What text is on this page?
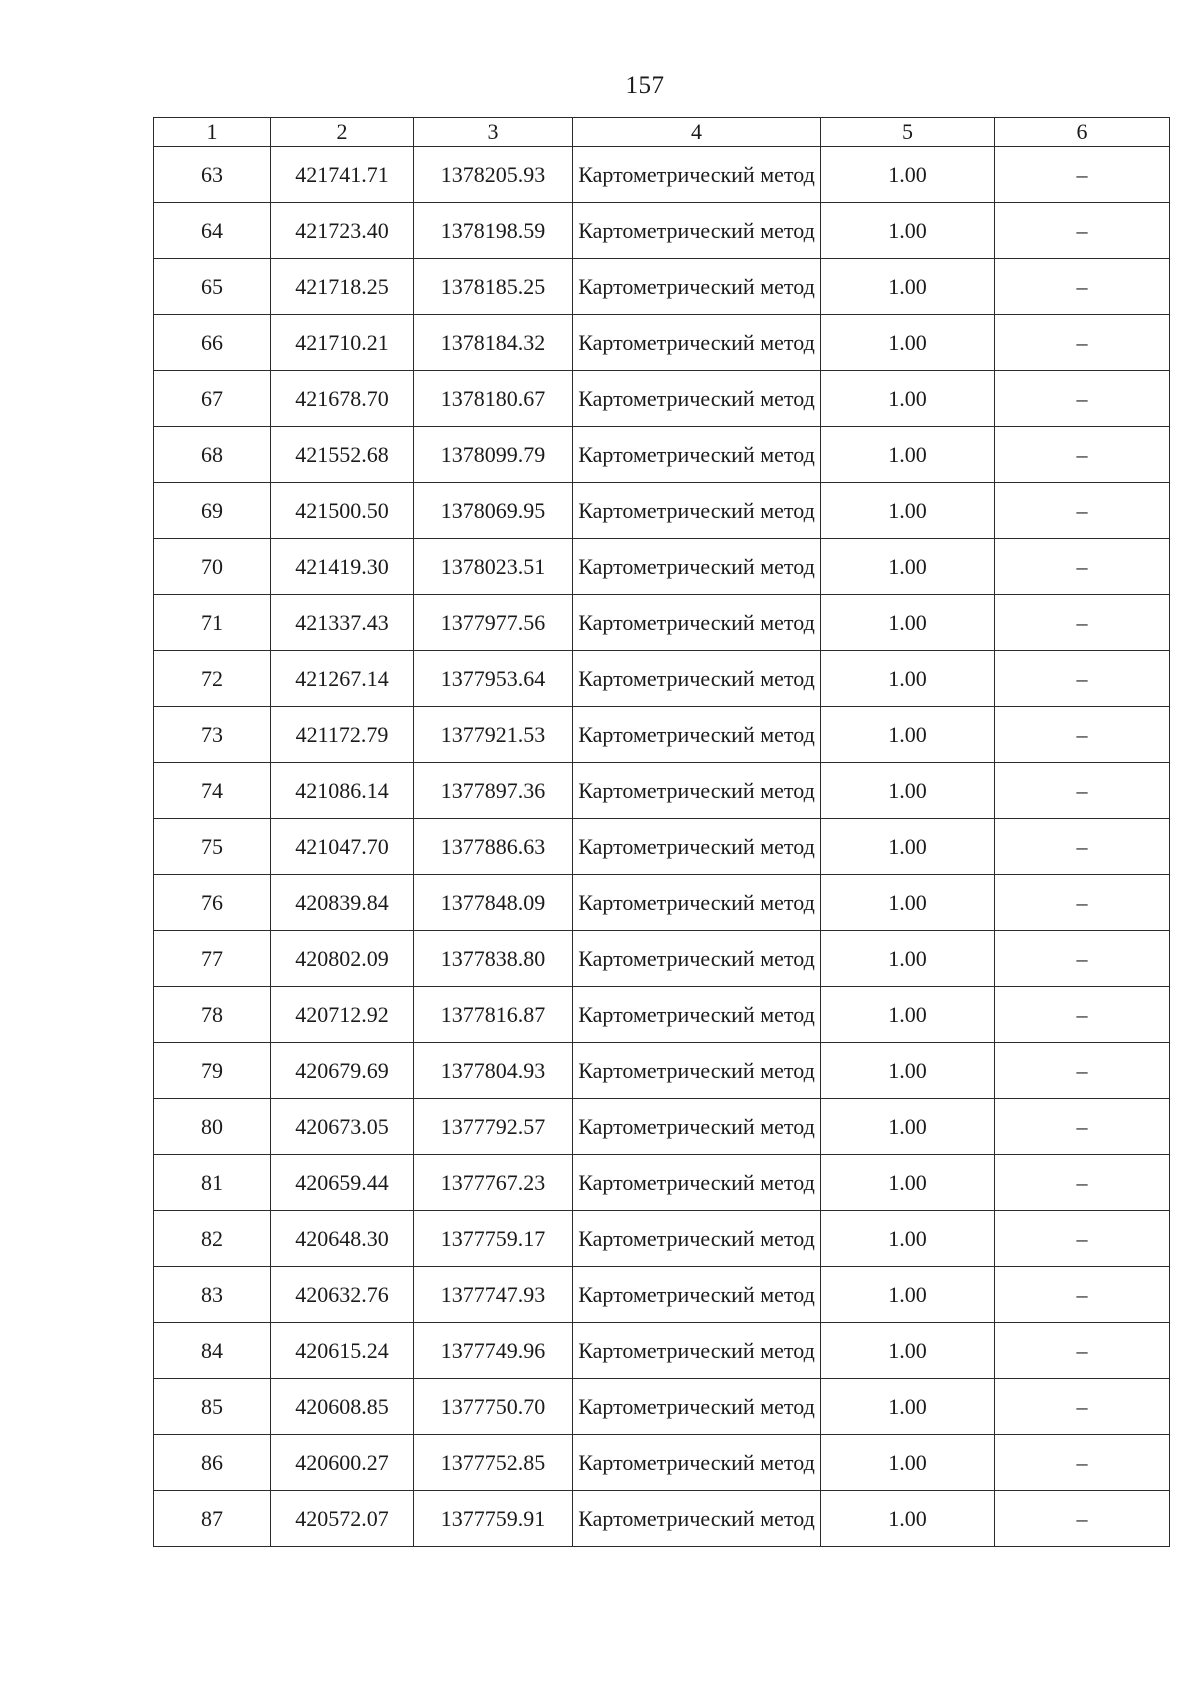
157
1	2	3	4	5	6
63	421741.71	1378205.93	Картометрический метод	1.00	–
64	421723.40	1378198.59	Картометрический метод	1.00	–
65	421718.25	1378185.25	Картометрический метод	1.00	–
66	421710.21	1378184.32	Картометрический метод	1.00	–
67	421678.70	1378180.67	Картометрический метод	1.00	–
68	421552.68	1378099.79	Картометрический метод	1.00	–
69	421500.50	1378069.95	Картометрический метод	1.00	–
70	421419.30	1378023.51	Картометрический метод	1.00	–
71	421337.43	1377977.56	Картометрический метод	1.00	–
72	421267.14	1377953.64	Картометрический метод	1.00	–
73	421172.79	1377921.53	Картометрический метод	1.00	–
74	421086.14	1377897.36	Картометрический метод	1.00	–
75	421047.70	1377886.63	Картометрический метод	1.00	–
76	420839.84	1377848.09	Картометрический метод	1.00	–
77	420802.09	1377838.80	Картометрический метод	1.00	–
78	420712.92	1377816.87	Картометрический метод	1.00	–
79	420679.69	1377804.93	Картометрический метод	1.00	–
80	420673.05	1377792.57	Картометрический метод	1.00	–
81	420659.44	1377767.23	Картометрический метод	1.00	–
82	420648.30	1377759.17	Картометрический метод	1.00	–
83	420632.76	1377747.93	Картометрический метод	1.00	–
84	420615.24	1377749.96	Картометрический метод	1.00	–
85	420608.85	1377750.70	Картометрический метод	1.00	–
86	420600.27	1377752.85	Картометрический метод	1.00	–
87	420572.07	1377759.91	Картометрический метод	1.00	–
